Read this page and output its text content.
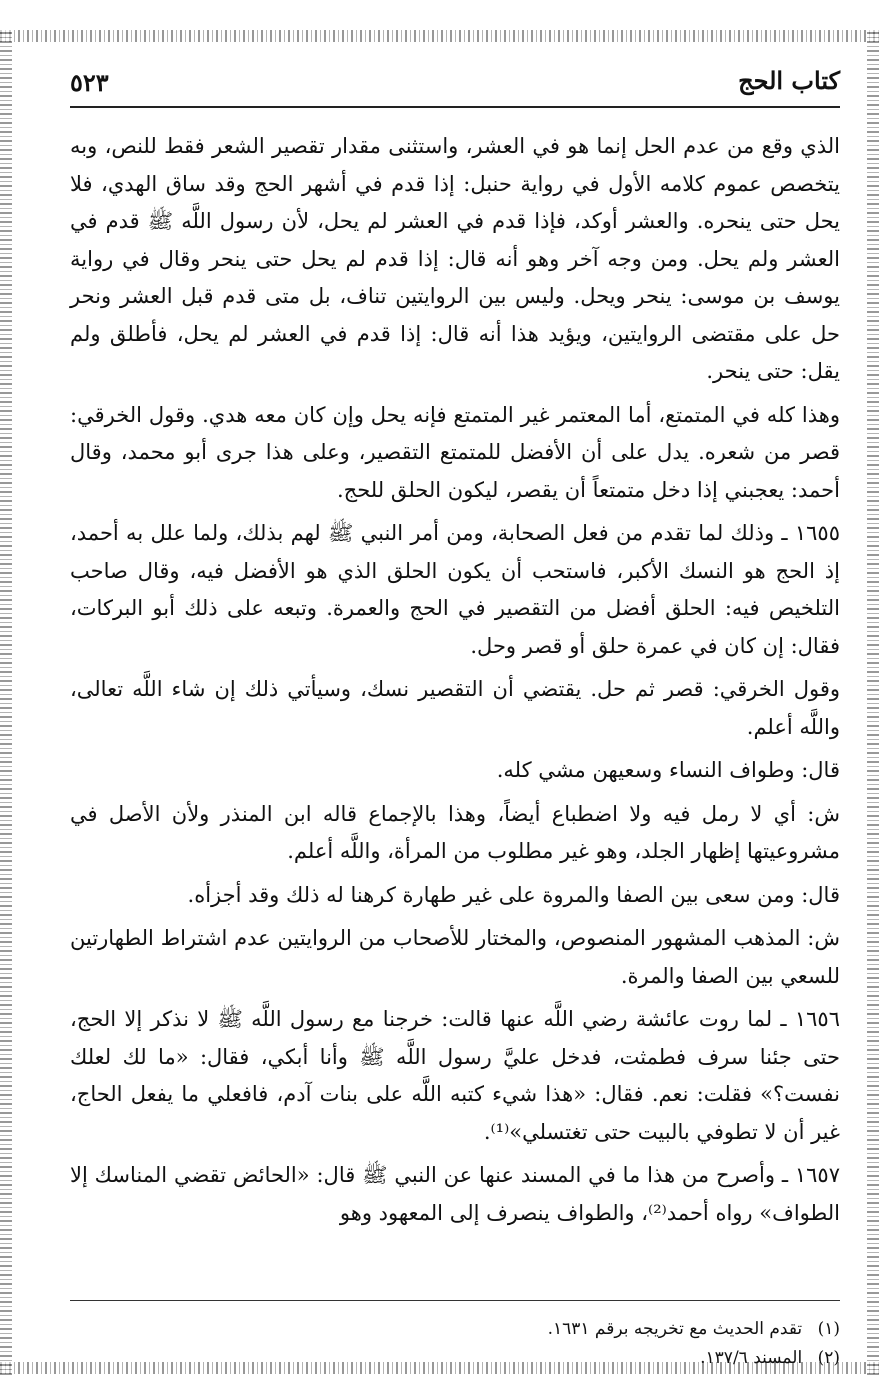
كتاب الحج
٥٢٣

الذي وقع من عدم الحل إنما هو في العشر، واستثنى مقدار تقصير الشعر فقط للنص، وبه يتخصص عموم كلامه الأول في رواية حنبل: إذا قدم في أشهر الحج وقد ساق الهدي، فلا يحل حتى ينحره. والعشر أوكد، فإذا قدم في العشر لم يحل، لأن رسول اللَّه ﷺ قدم في العشر ولم يحل. ومن وجه آخر وهو أنه قال: إذا قدم لم يحل حتى ينحر وقال في رواية يوسف بن موسى: ينحر ويحل. وليس بين الروايتين تناف، بل متى قدم قبل العشر ونحر حل على مقتضى الروايتين، ويؤيد هذا أنه قال: إذا قدم في العشر لم يحل، فأطلق ولم يقل: حتى ينحر.

وهذا كله في المتمتع، أما المعتمر غير المتمتع فإنه يحل وإن كان معه هدي. وقول الخرقي: قصر من شعره. يدل على أن الأفضل للمتمتع التقصير، وعلى هذا جرى أبو محمد، وقال أحمد: يعجبني إذا دخل متمتعاً أن يقصر، ليكون الحلق للحج.

١٦٥٥ ـ وذلك لما تقدم من فعل الصحابة، ومن أمر النبي ﷺ لهم بذلك، ولما علل به أحمد، إذ الحج هو النسك الأكبر، فاستحب أن يكون الحلق الذي هو الأفضل فيه، وقال صاحب التلخيص فيه: الحلق أفضل من التقصير في الحج والعمرة. وتبعه على ذلك أبو البركات، فقال: إن كان في عمرة حلق أو قصر وحل.

وقول الخرقي: قصر ثم حل. يقتضي أن التقصير نسك، وسيأتي ذلك إن شاء اللَّه تعالى، واللَّه أعلم.

قال: وطواف النساء وسعيهن مشي كله.

ش: أي لا رمل فيه ولا اضطباع أيضاً، وهذا بالإجماع قاله ابن المنذر ولأن الأصل في مشروعيتها إظهار الجلد، وهو غير مطلوب من المرأة، واللَّه أعلم.

قال: ومن سعى بين الصفا والمروة على غير طهارة كرهنا له ذلك وقد أجزأه.

ش: المذهب المشهور المنصوص، والمختار للأصحاب من الروايتين عدم اشتراط الطهارتين للسعي بين الصفا والمرة.

١٦٥٦ ـ لما روت عائشة رضي اللَّه عنها قالت: خرجنا مع رسول اللَّه ﷺ لا نذكر إلا الحج، حتى جئنا سرف فطمثت، فدخل عليَّ رسول اللَّه ﷺ وأنا أبكي، فقال: «ما لك لعلك نفست؟» فقلت: نعم. فقال: «هذا شيء كتبه اللَّه على بنات آدم، فافعلي ما يفعل الحاج، غير أن لا تطوفي بالبيت حتى تغتسلي»⁽¹⁾.

١٦٥٧ ـ وأصرح من هذا ما في المسند عنها عن النبي ﷺ قال: «الحائض تقضي المناسك إلا الطواف» رواه أحمد⁽²⁾، والطواف ينصرف إلى المعهود وهو

(١) تقدم الحديث مع تخريجه برقم ١٦٣١.
(٢) المسند ١٣٧/٦.
